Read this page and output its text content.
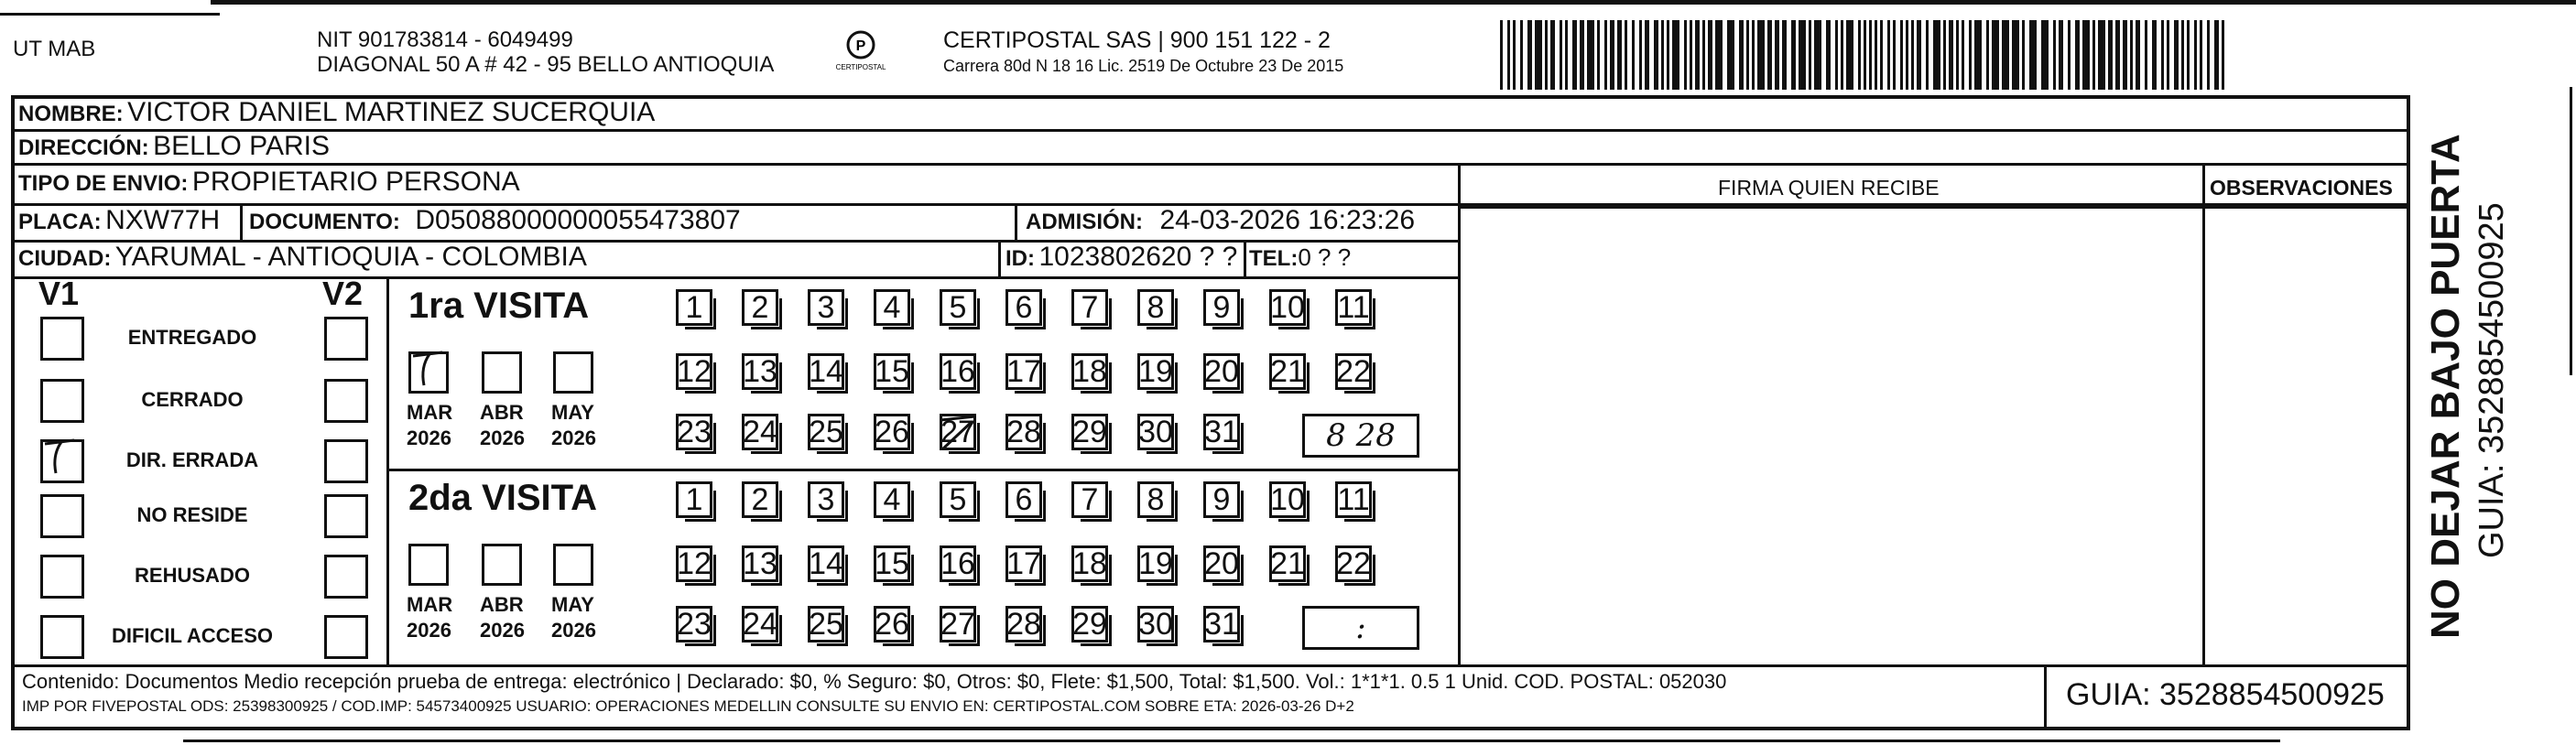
UT MAB	NIT 901783814 - 6049499
DIAGONAL 50 A # 42 - 95 BELLO ANTIOQUIA
P
CERTIPOSTAL
CERTIPOSTAL SAS | 900 151 122 - 2
Carrera 80d N 18 16 Lic. 2519 De Octubre 23 De 2015
NOMBRE: VICTOR DANIEL MARTINEZ SUCERQUIA
DIRECCIÓN: BELLO PARIS
TIPO DE ENVIO: PROPIETARIO PERSONA	FIRMA QUIEN RECIBE	OBSERVACIONES
PLACA: NXW77H DOCUMENTO: D05088000000055473807	ADMISIÓN: 24-03-2026 16:23:26
CIUDAD: YARUMAL - ANTIOQUIA - COLOMBIA	ID: 1023802620 ? ? TEL:0 ? ?
V1	V2
ENTREGADO
CERRADO
DIR. ERRADA
NO RESIDE
REHUSADO
DIFICIL ACCESO
1ra VISITA
MAR
2026
ABR
2026
MAY
2026
1	2	3	4	5	6	7	8	9	10 11
12 13 14 15 16 17 18 19 20 21 22
23 24 25 26 27 28 29 30 31	8 28
2da VISITA
MAR
2026
ABR
2026
MAY
2026
1	2	3	4	5	6	7	8	9	10 11
12 13 14 15 16 17 18 19 20 21 22
23 24 25 26 27 28 29 30 31	:
Contenido: Documentos Medio recepción prueba de entrega: electrónico | Declarado: $0, % Seguro: $0, Otros: $0, Flete: $1,500, Total: $1,500. Vol.: 1*1*1. 0.5 1 Unid. COD. POSTAL: 052030
IMP POR FIVEPOSTAL ODS: 25398300925 / COD.IMP: 54573400925 USUARIO: OPERACIONES MEDELLIN CONSULTE SU ENVIO EN: CERTIPOSTAL.COM SOBRE ETA: 2026-03-26 D+2	GUIA: 3528854500925
NO DEJAR BAJO PUERTA GUIA: 3528854500925
